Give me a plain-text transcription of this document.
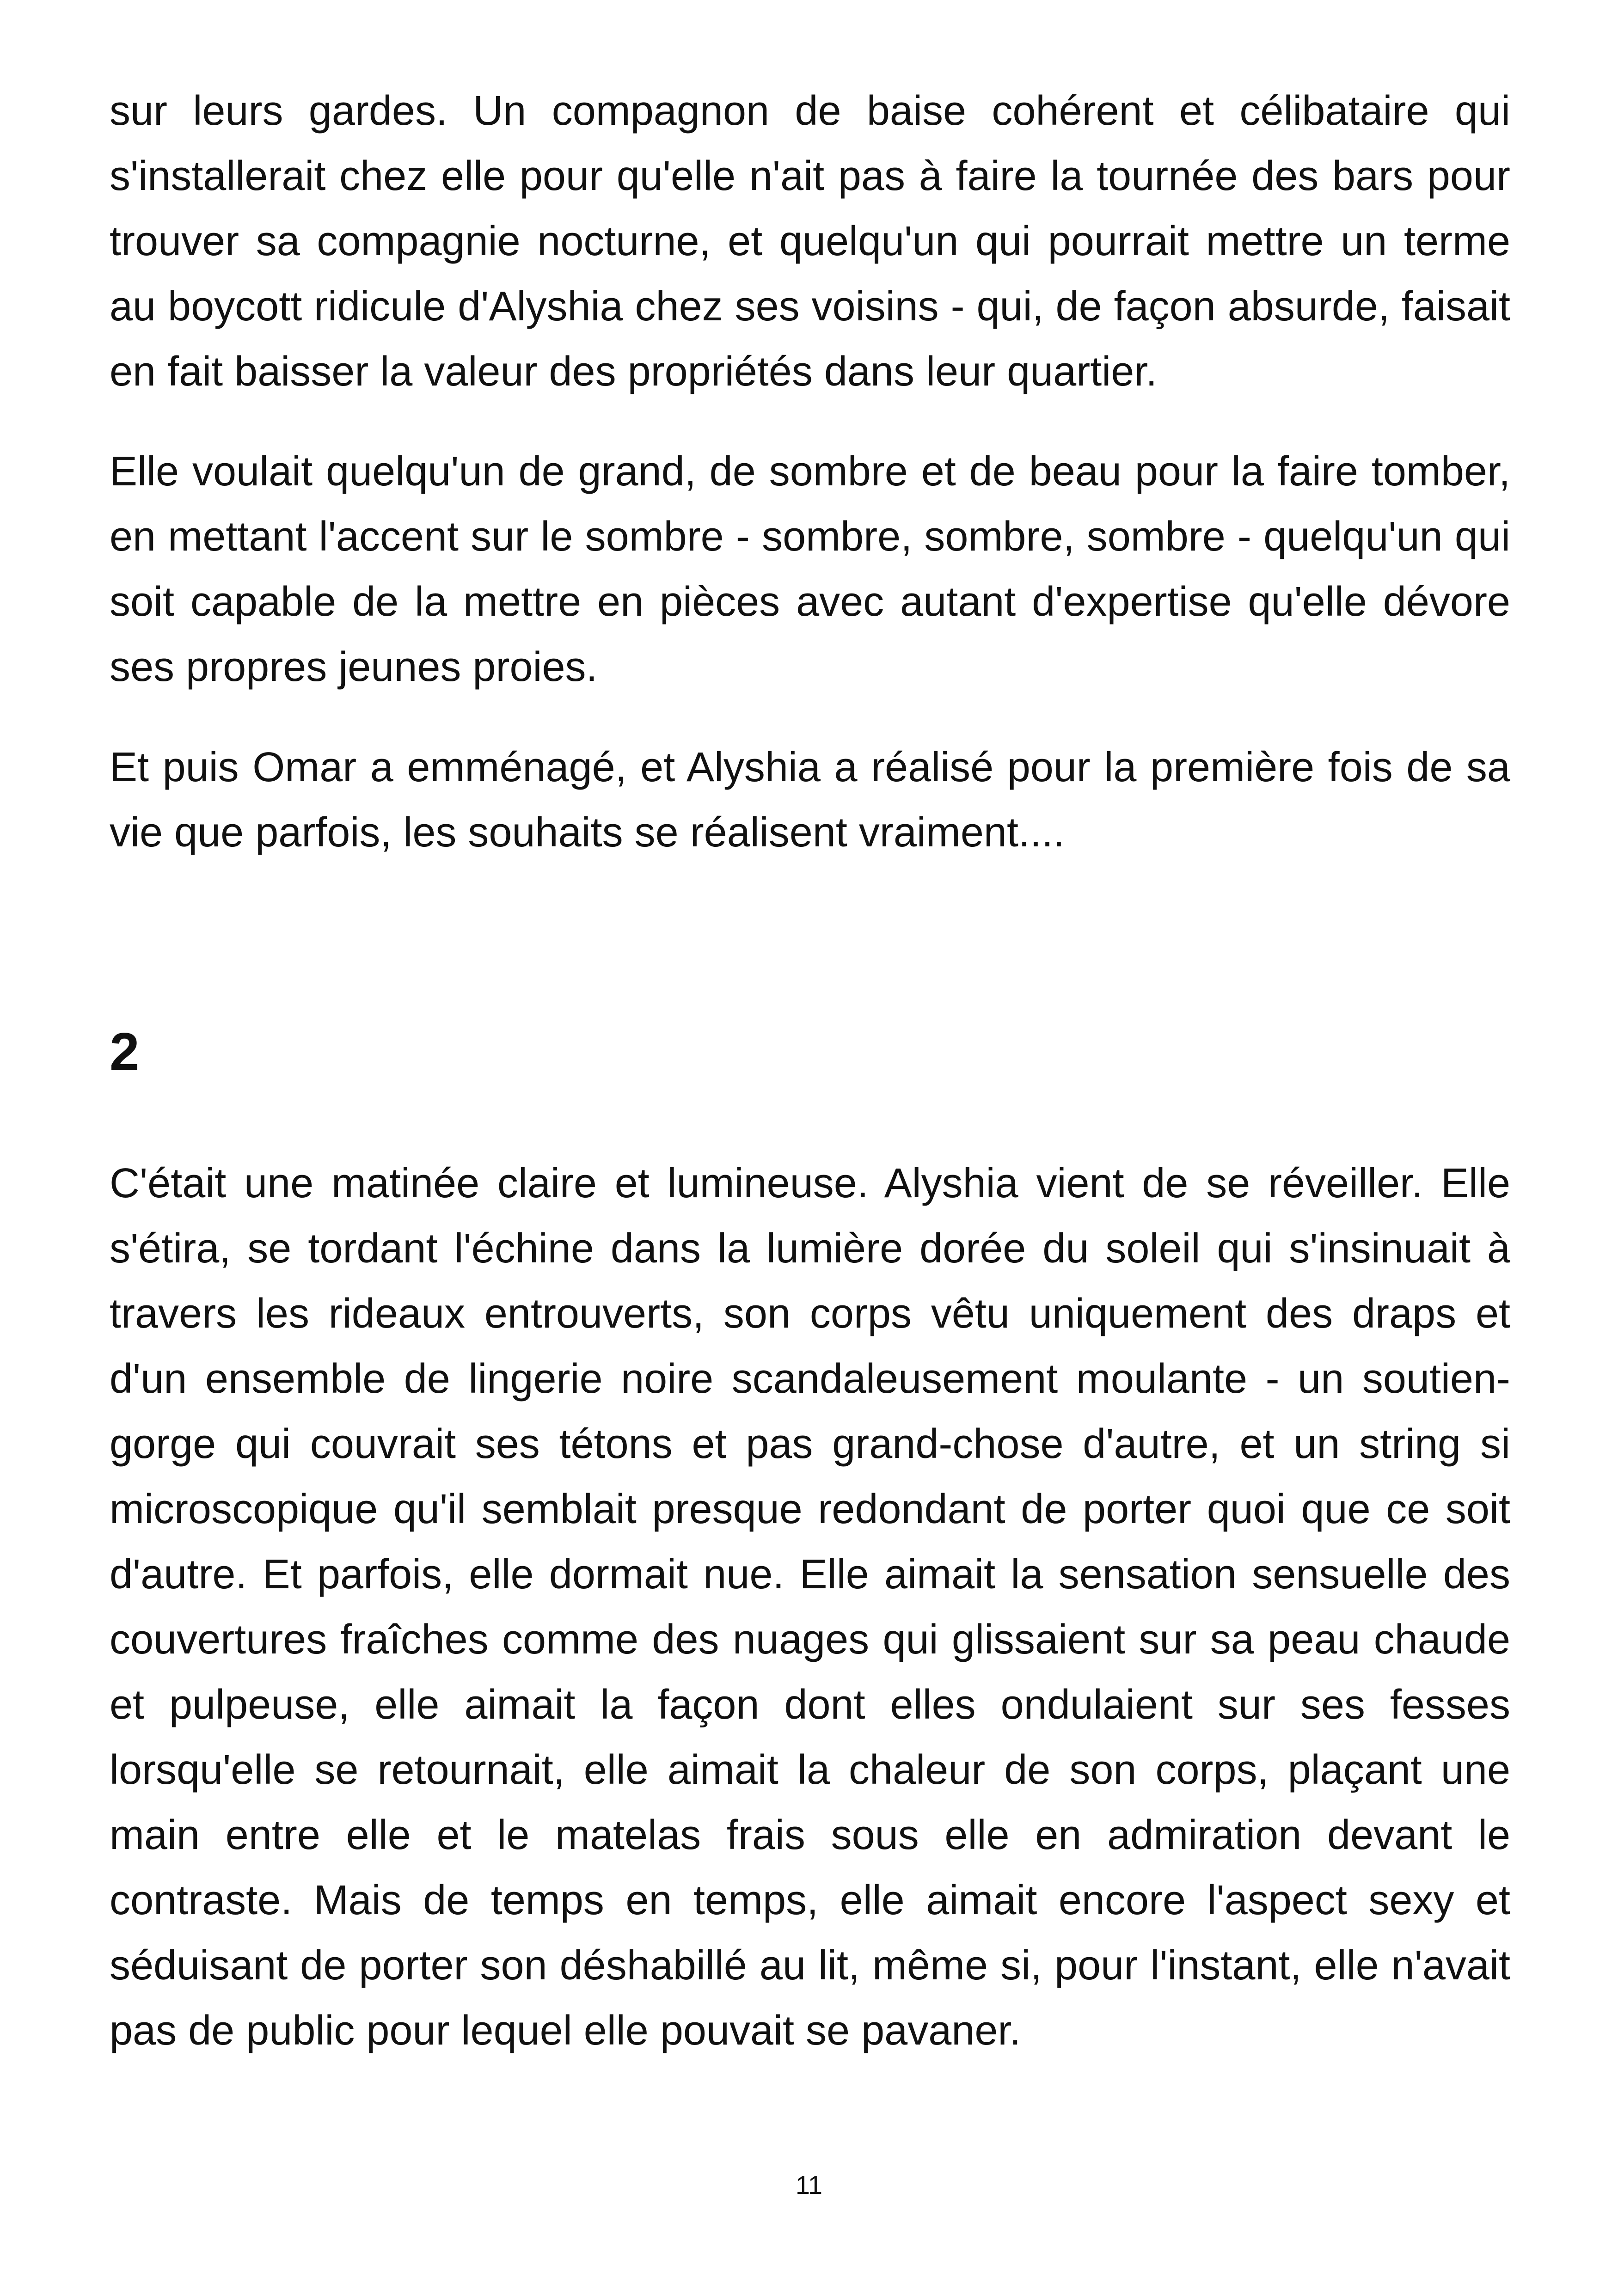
sur leurs gardes. Un compagnon de baise cohérent et célibataire qui s'installerait chez elle pour qu'elle n'ait pas à faire la tournée des bars pour trouver sa compagnie nocturne, et quelqu'un qui pourrait mettre un terme au boycott ridicule d'Alyshia chez ses voisins - qui, de façon absurde, faisait en fait baisser la valeur des propriétés dans leur quartier.

Elle voulait quelqu'un de grand, de sombre et de beau pour la faire tomber, en mettant l'accent sur le sombre - sombre, sombre, sombre - quelqu'un qui soit capable de la mettre en pièces avec autant d'expertise qu'elle dévore ses propres jeunes proies.

Et puis Omar a emménagé, et Alyshia a réalisé pour la première fois de sa vie que parfois, les souhaits se réalisent vraiment....

2

C'était une matinée claire et lumineuse. Alyshia vient de se réveiller. Elle s'étira, se tordant l'échine dans la lumière dorée du soleil qui s'insinuait à travers les rideaux entrouverts, son corps vêtu uniquement des draps et d'un ensemble de lingerie noire scandaleusement moulante - un soutien-gorge qui couvrait ses tétons et pas grand-chose d'autre, et un string si microscopique qu'il semblait presque redondant de porter quoi que ce soit d'autre. Et parfois, elle dormait nue. Elle aimait la sensation sensuelle des couvertures fraîches comme des nuages qui glissaient sur sa peau chaude et pulpeuse, elle aimait la façon dont elles ondulaient sur ses fesses lorsqu'elle se retournait, elle aimait la chaleur de son corps, plaçant une main entre elle et le matelas frais sous elle en admiration devant le contraste. Mais de temps en temps, elle aimait encore l'aspect sexy et séduisant de porter son déshabillé au lit, même si, pour l'instant, elle n'avait pas de public pour lequel elle pouvait se pavaner.

11
